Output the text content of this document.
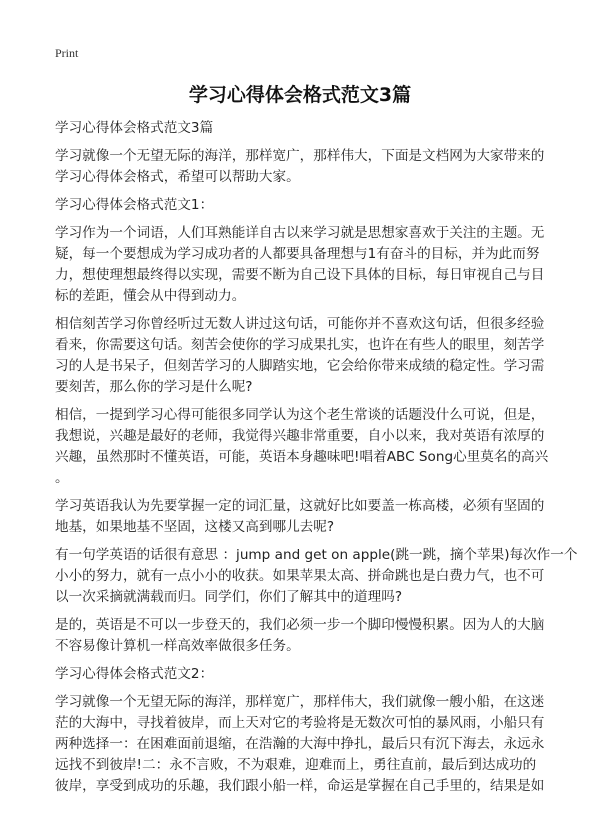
Print
学习心得体会格式范文3篇
学习心得体会格式范文3篇
学习就像一个无望无际的海洋，那样宽广，那样伟大，下面是文档网为大家带来的
学习心得体会格式，希望可以帮助大家。
学习心得体会格式范文1：
学习作为一个词语，人们耳熟能详自古以来学习就是思想家喜欢于关注的主题。无
疑，每一个要想成为学习成功者的人都要具备理想与1有奋斗的目标，并为此而努
力，想使理想最终得以实现，需要不断为自己设下具体的目标，每日审视自己与目
标的差距，懂会从中得到动力。
相信刻苦学习你曾经听过无数人讲过这句话，可能你并不喜欢这句话，但很多经验
看来，你需要这句话。刻苦会使你的学习成果扎实，也许在有些人的眼里，刻苦学
习的人是书呆子，但刻苦学习的人脚踏实地，它会给你带来成绩的稳定性。学习需
要刻苦，那么你的学习是什么呢?
相信，一提到学习心得可能很多同学认为这个老生常谈的话题没什么可说，但是，
我想说，兴趣是最好的老师，我觉得兴趣非常重要，自小以来，我对英语有浓厚的
兴趣，虽然那时不懂英语，可能，英语本身趣味吧!唱着ABC Song心里莫名的高兴
。
学习英语我认为先要掌握一定的词汇量，这就好比如要盖一栋高楼，必须有坚固的
地基，如果地基不坚固，这楼又高到哪儿去呢?
有一句学英语的话很有意思 ：jump and get on apple(跳一跳，摘个苹果)每次作一个
小小的努力，就有一点小小的收获。如果苹果太高、拼命跳也是白费力气，也不可
以一次采摘就满载而归。同学们，你们了解其中的道理吗?
是的，英语是不可以一步登天的，我们必须一步一个脚印慢慢积累。因为人的大脑
不容易像计算机一样高效率做很多任务。
学习心得体会格式范文2：
学习就像一个无望无际的海洋，那样宽广，那样伟大，我们就像一艘小船，在这迷
茫的大海中，寻找着彼岸，而上天对它的考验将是无数次可怕的暴风雨，小船只有
两种选择一：在困难面前退缩，在浩瀚的大海中挣扎，最后只有沉下海去，永远永
远找不到彼岸!二：永不言败，不为艰难，迎难而上，勇往直前，最后到达成功的
彼岸，享受到成功的乐趣，我们跟小船一样，命运是掌握在自己手里的，结果是如
